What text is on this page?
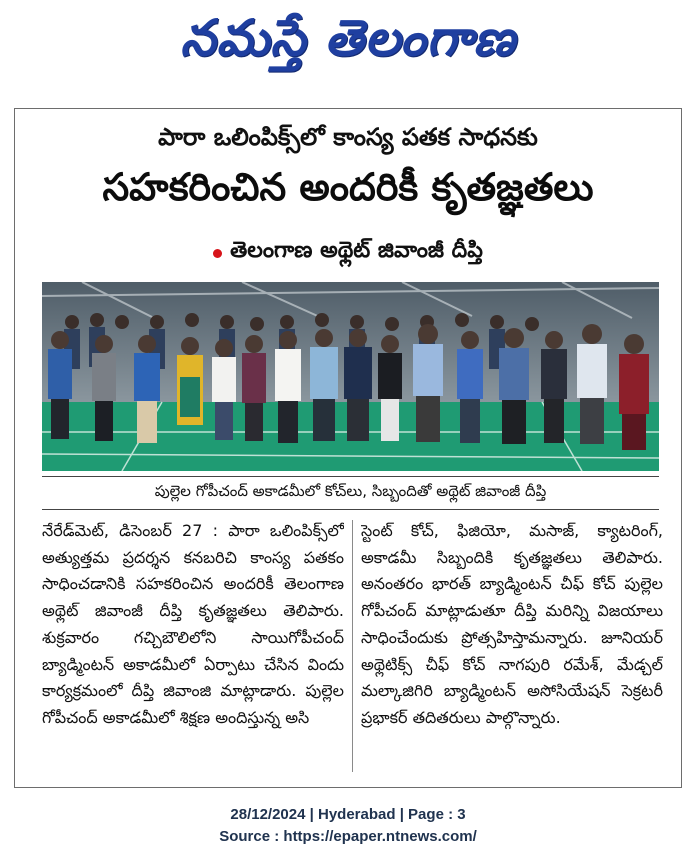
నమస్తే తెలంగాణ
పారా ఒలింపిక్స్‌లో కాంస్య పతక సాధనకు
సహకరించిన అందరికీ కృతజ్ఞతలు
తెలంగాణ అథ్లెట్ జివాంజీ దీప్తి
పుల్లెల గోపీచంద్ అకాడమీలో కోచ్‌లు, సిబ్బందితో అథ్లెట్ జివాంజీ దీప్తి
నేరేడ్‌మెట్, డిసెంబర్ 27 : పారా ఒలింపిక్స్‌లో అత్యుత్తమ ప్రదర్శన కనబరిచి కాంస్య పతకం సాధించడానికి సహకరించిన అందరికీ తెలంగాణ అథ్లెట్ జివాంజీ దీప్తి కృతజ్ఞతలు తెలిపారు. శుక్రవారం గచ్చిబౌలిలోని సాయిగోపీచంద్ బ్యాడ్మింటన్ అకాడమీలో ఏర్పాటు చేసిన విందు కార్యక్రమంలో దీప్తి జివాంజి మాట్లాడారు. పుల్లెల గోపీచంద్ అకాడమీలో శిక్షణ అందిస్తున్న అసి
స్టెంట్ కోచ్, ఫిజియో, మసాజ్, క్యాటరింగ్, అకాడమీ సిబ్బందికి కృతజ్ఞతలు తెలిపారు. అనంతరం భారత్ బ్యాడ్మింటన్ చీఫ్ కోచ్ పుల్లెల గోపీచంద్ మాట్లాడుతూ దీప్తి మరిన్ని విజయాలు సాధించేందుకు ప్రోత్సహిస్తామన్నారు. జూనియర్ అథ్లెటిక్స్ చీఫ్ కోచ్ నాగపురి రమేశ్, మేడ్చల్ మల్కాజిగిరి బ్యాడ్మింటన్ అసోసియేషన్ సెక్రటరీ ప్రభాకర్ తదితరులు పాల్గొన్నారు.
28/12/2024 | Hyderabad | Page : 3
Source : https://epaper.ntnews.com/
